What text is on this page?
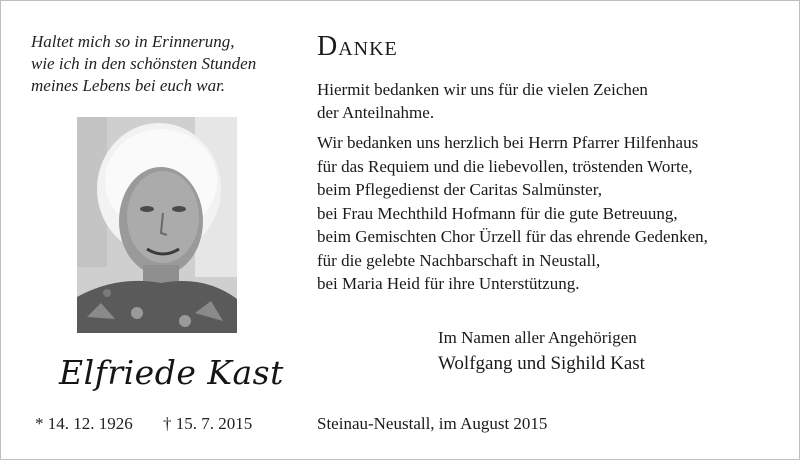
Haltet mich so in Erinnerung,
wie ich in den schönsten Stunden
meines Lebens bei euch war.
Elfriede Kast
* 14. 12. 1926 † 15. 7. 2015
Danke
Hiermit bedanken wir uns für die vielen Zeichen
der Anteilnahme.
Wir bedanken uns herzlich bei Herrn Pfarrer Hilfenhaus
für das Requiem und die liebevollen, tröstenden Worte,
beim Pflegedienst der Caritas Salmünster,
bei Frau Mechthild Hofmann für die gute Betreuung,
beim Gemischten Chor Ürzell für das ehrende Gedenken,
für die gelebte Nachbarschaft in Neustall,
bei Maria Heid für ihre Unterstützung.
Im Namen aller Angehörigen
Wolfgang und Sighild Kast
Steinau-Neustall, im August 2015
